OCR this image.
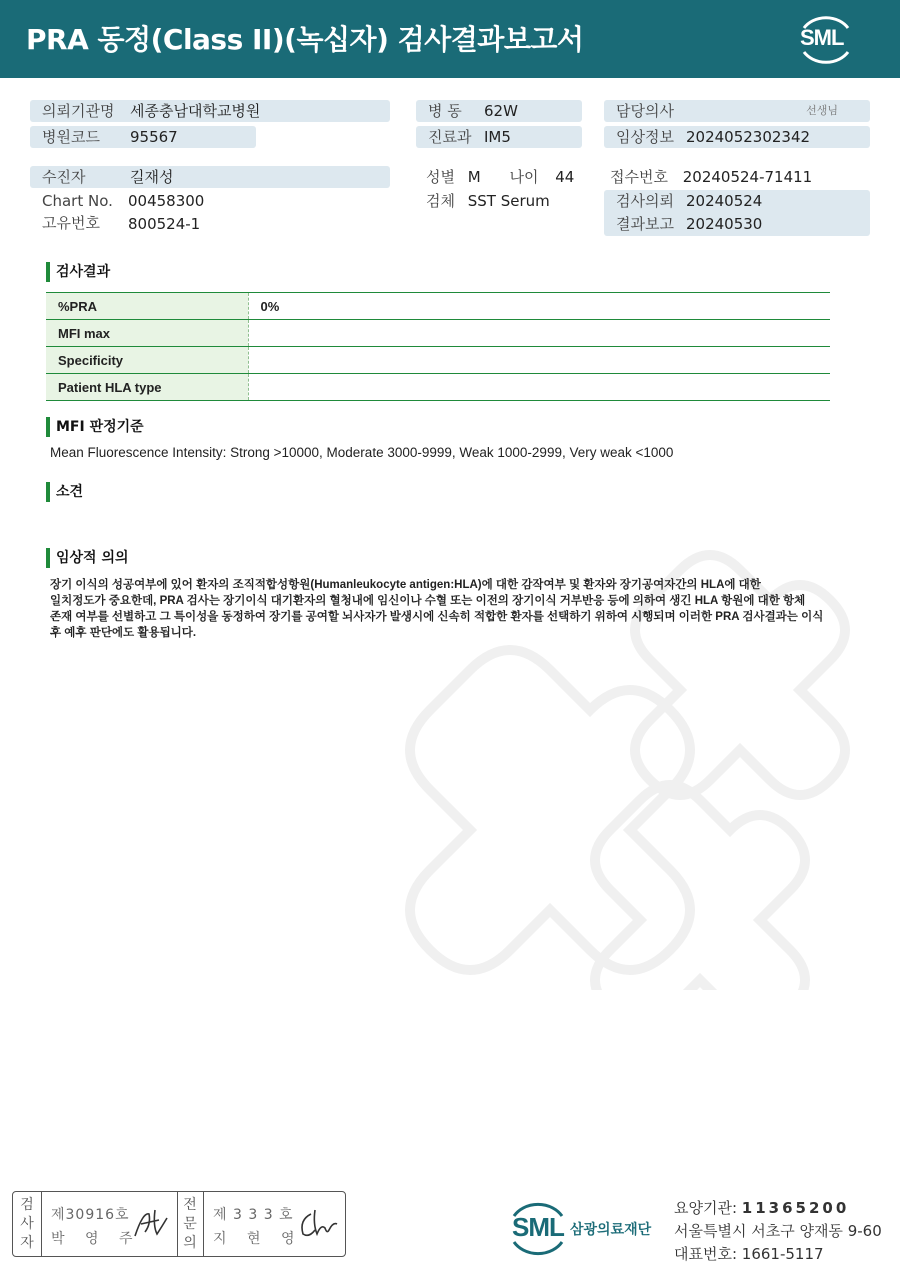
PRA 동정(Class II)(녹십자) 검사결과보고서	SML
의뢰기관명 세종충남대학교병원	병 동 62W	담당의사	선생님
병원코드 95567	진료과 IM5	임상정보 2024052302342
수진자	길재성	성별 M 나이 44 접수번호 20240524-71411
Chart No. 00458300	검체 SST Serum	검사의뢰 20240524
결과보고 20240530
고유번호 800524-1
검사결과
%PRA	0%
MFI max	
Specificity	
Patient HLA type	
MFI 판정기준
Mean Fluorescence Intensity: Strong >10000, Moderate 3000-9999, Weak 1000-2999, Very weak <1000
소견
임상적 의의
장기 이식의 성공여부에 있어 환자의 조직적합성항원(Humanleukocyte antigen:HLA)에 대한 감작여부 및 환자와 장기공여자간의 HLA에 대한
일치정도가 중요한데, PRA 검사는 장기이식 대기환자의 혈청내에 임신이나 수혈 또는 이전의 장기이식 거부반응 등에 의하여 생긴 HLA 항원에 대한 항체
존재 여부를 선별하고 그 특이성을 동정하여 장기를 공여할 뇌사자가 발생시에 신속히 적합한 환자를 선택하기 위하여 시행되며 이러한 PRA 검사결과는 이식
후 예후 판단에도 활용됩니다.
검
사
자
제30916호
박 영 주
전
문
의
제 3 3 3 호
지 현 영	SML 삼광의료재단
요양기관: 11365200
서울특별시 서초구 양재동 9-60
대표번호: 1661-5117
